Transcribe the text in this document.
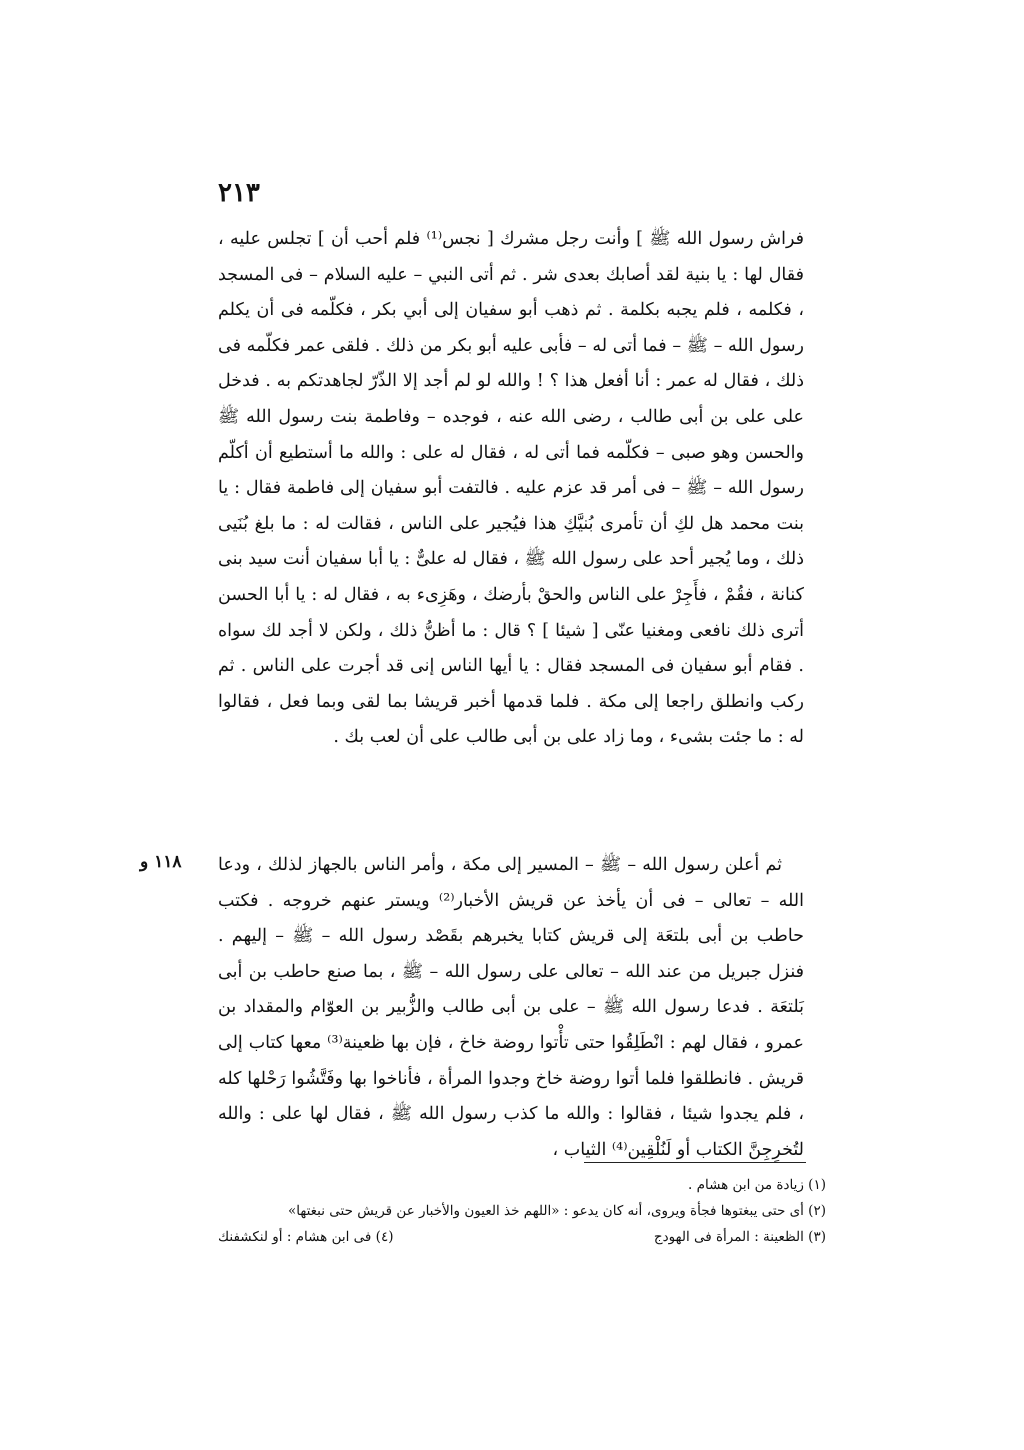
٢١٣

فراش رسول الله ﷺ ] وأنت رجل مشرك [ نجس⁽¹⁾ فلم أحب أن ] تجلس عليه ، فقال لها : يا بنية لقد أصابك بعدى شر . ثم أتى النبي – عليه السلام – فى المسجد ، فكلمه ، فلم يجبه بكلمة . ثم ذهب أبو سفيان إلى أبي بكر ، فكلّمه فى أن يكلم رسول الله – ﷺ – فما أتى له – فأبى عليه أبو بكر من ذلك . فلقى عمر فكلّمه فى ذلك ، فقال له عمر : أنا أفعل هذا ؟ ! والله لو لم أجد إلا الذّرّ لجاهدتكم به . فدخل على على بن أبى طالب ، رضى الله عنه ، فوجده – وفاطمة بنت رسول الله ﷺ والحسن وهو صبى – فكلّمه فما أتى له ، فقال له على : والله ما أستطيع أن أكلّم رسول الله – ﷺ – فى أمر قد عزم عليه . فالتفت أبو سفيان إلى فاطمة فقال : يا بنت محمد هل لكِ أن تأمرى بُنيَّكِ هذا فيُجير على الناس ، فقالت له : ما بلغ بُنَيى ذلك ، وما يُجير أحد على رسول الله ﷺ ، فقال له علىٌّ : يا أبا سفيان أنت سيد بنى كنانة ، فقُمْ ، فأَجِرْ على الناس والحقْ بأرضك ، وهَزِىء به ، فقال له : يا أبا الحسن أترى ذلك نافعى ومغنيا عنّى [ شيئا ] ؟ قال : ما أظنُّ ذلك ، ولكن لا أجد لك سواه . فقام أبو سفيان فى المسجد فقال : يا أيها الناس إنى قد أجرت على الناس . ثم ركب وانطلق راجعا إلى مكة . فلما قدمها أخبر قريشا بما لقى وبما فعل ، فقالوا له : ما جئت بشىء ، وما زاد على بن أبى طالب على أن لعب بك .

١١٨ و	ثم أعلن رسول الله – ﷺ – المسير إلى مكة ، وأمر الناس بالجهاز لذلك ، ودعا الله – تعالى – فى أن يأخذ عن قريش الأخبار⁽²⁾ ويستر عنهم خروجه . فكتب حاطب بن أبى بلتعَة إلى قريش كتابا يخبرهم بقَصْد رسول الله – ﷺ – إليهم . فنزل جبريل من عند الله – تعالى على رسول الله – ﷺ ، بما صنع حاطب بن أبى بَلتعَة . فدعا رسول الله ﷺ – على بن أبى طالب والزُّبير بن العوّام والمقداد بن عمرو ، فقال لهم : انْطَلِقُوا حتى تأْتوا روضة خاخ ، فإن بها ظعينة⁽³⁾ معها كتاب إلى قريش . فانطلقوا فلما أتوا روضة خاخ وجدوا المرأة ، فأناخوا بها وفَتَّشُوا رَحْلها كله ، فلم يجدوا شيئا ، فقالوا : والله ما كذب رسول الله ﷺ ، فقال لها على : والله لتُخرِجِنَّ الكتاب أو لَنُلْقِين⁽⁴⁾ الثياب ،

(١) زيادة من ابن هشام .

(٢) أى حتى يبغتوها فجأة ويروى، أنه كان يدعو : «اللهم خذ العيون والأخبار عن قريش حتى نبغتها»

(٣) الظعينة : المرأة فى الهودج
(٤) فى ابن هشام : أو لنكشفنك
